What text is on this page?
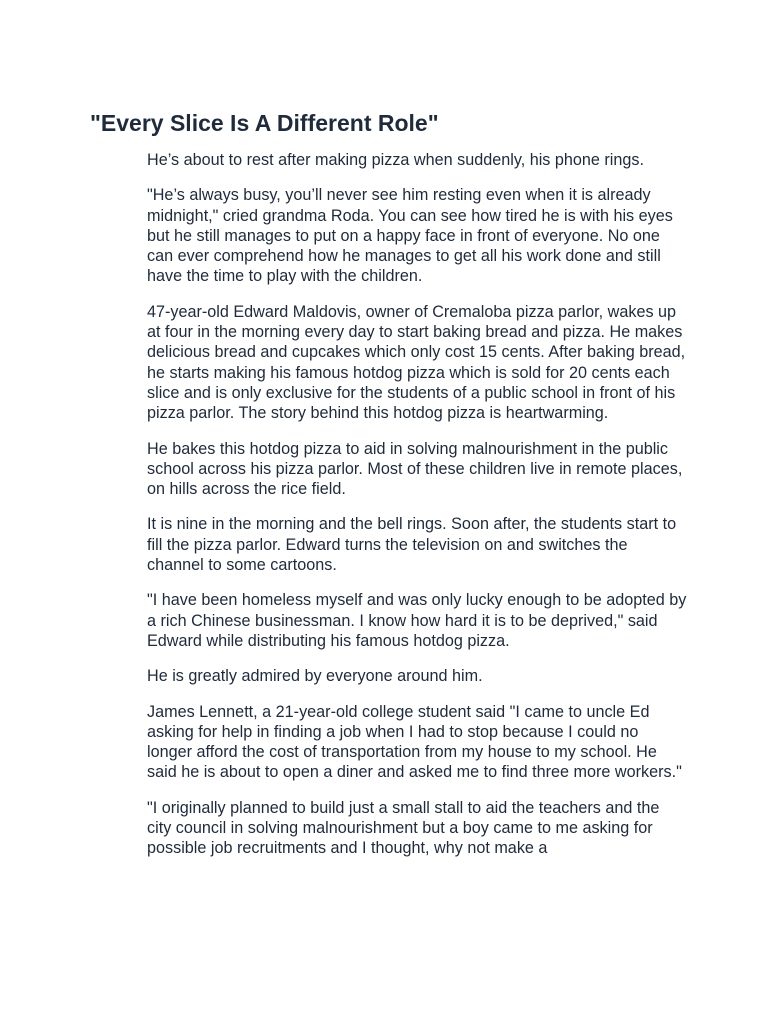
"Every Slice Is A Different Role"

He’s about to rest after making pizza when suddenly, his phone rings.

"He’s always busy, you’ll never see him resting even when it is already midnight," cried grandma Roda. You can see how tired he is with his eyes but he still manages to put on a happy face in front of everyone. No one can ever comprehend how he manages to get all his work done and still have the time to play with the children.

47-year-old Edward Maldovis, owner of Cremaloba pizza parlor, wakes up at four in the morning every day to start baking bread and pizza. He makes delicious bread and cupcakes which only cost 15 cents. After baking bread, he starts making his famous hotdog pizza which is sold for 20 cents each slice and is only exclusive for the students of a public school in front of his pizza parlor. The story behind this hotdog pizza is heartwarming.

He bakes this hotdog pizza to aid in solving malnourishment in the public school across his pizza parlor. Most of these children live in remote places, on hills across the rice field.

It is nine in the morning and the bell rings. Soon after, the students start to fill the pizza parlor. Edward turns the television on and switches the channel to some cartoons.

"I have been homeless myself and was only lucky enough to be adopted by a rich Chinese businessman. I know how hard it is to be deprived," said Edward while distributing his famous hotdog pizza.

He is greatly admired by everyone around him.

James Lennett, a 21-year-old college student said "I came to uncle Ed asking for help in finding a job when I had to stop because I could no longer afford the cost of transportation from my house to my school. He said he is about to open a diner and asked me to find three more workers."

"I originally planned to build just a small stall to aid the teachers and the city council in solving malnourishment but a boy came to me asking for possible job recruitments and I thought, why not make a
